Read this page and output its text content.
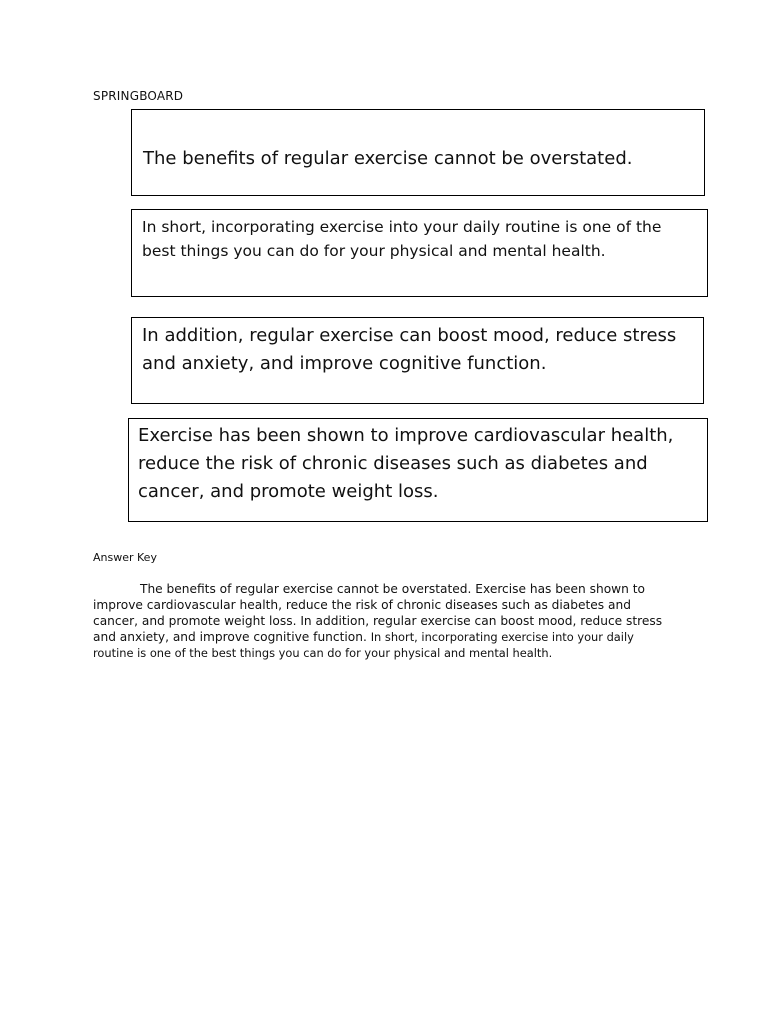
SPRINGBOARD

The benefits of regular exercise cannot be overstated.

In short, incorporating exercise into your daily routine is one of the best things you can do for your physical and mental health.

In addition, regular exercise can boost mood, reduce stress and anxiety, and improve cognitive function.

Exercise has been shown to improve cardiovascular health, reduce the risk of chronic diseases such as diabetes and cancer, and promote weight loss.

Answer Key

The benefits of regular exercise cannot be overstated. Exercise has been shown to improve cardiovascular health, reduce the risk of chronic diseases such as diabetes and cancer, and promote weight loss. In addition, regular exercise can boost mood, reduce stress and anxiety, and improve cognitive function. In short, incorporating exercise into your daily routine is one of the best things you can do for your physical and mental health.
